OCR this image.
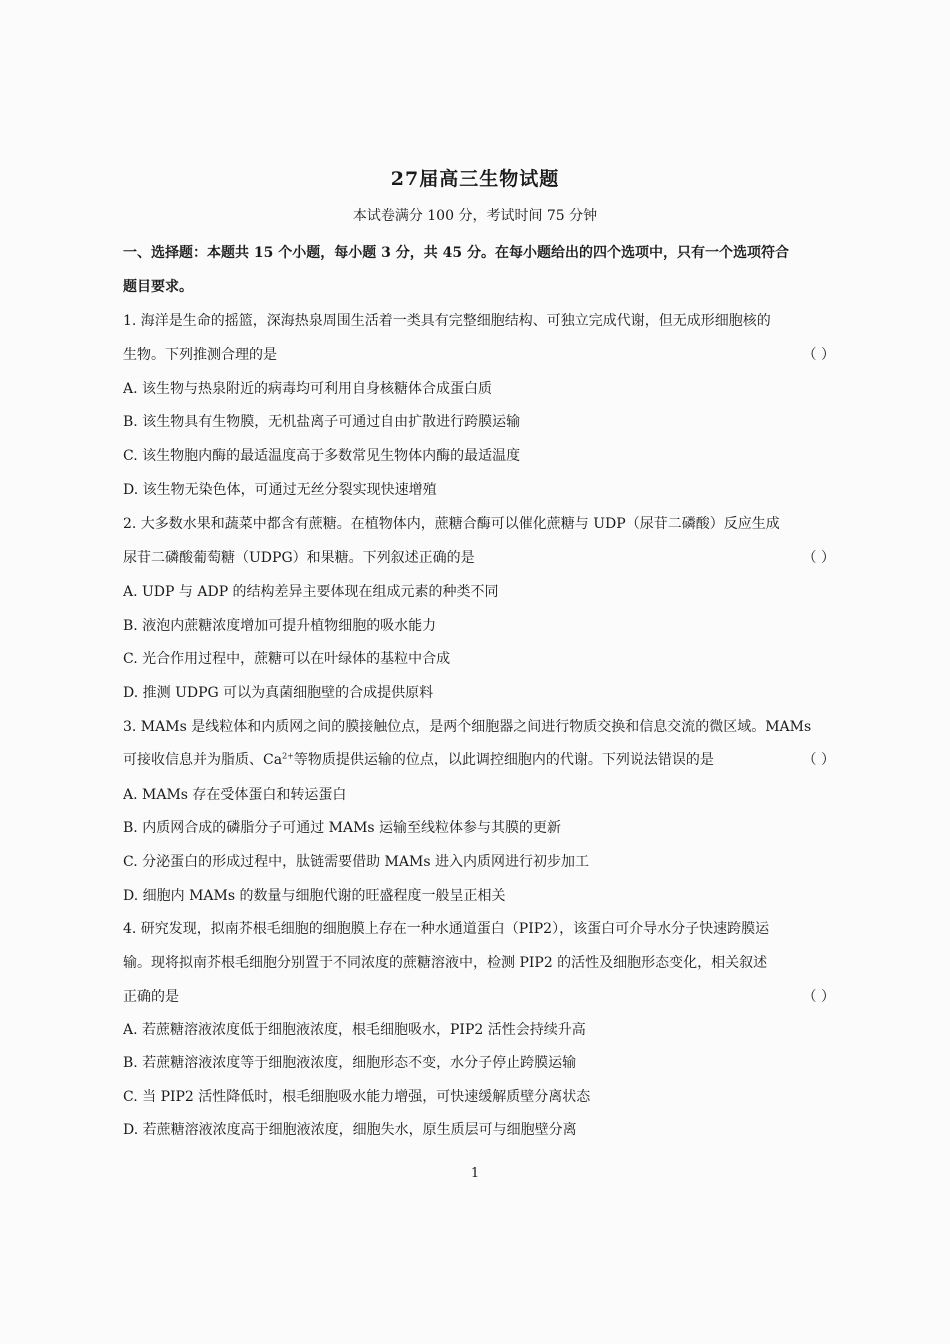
27届高三生物试题
本试卷满分 100 分，考试时间 75 分钟
一、选择题：本题共 15 个小题，每小题 3 分，共 45 分。在每小题给出的四个选项中，只有一个选项符合
题目要求。
1. 海洋是生命的摇篮，深海热泉周围生活着一类具有完整细胞结构、可独立完成代谢，但无成形细胞核的
生物。下列推测合理的是	（ ）
A. 该生物与热泉附近的病毒均可利用自身核糖体合成蛋白质
B. 该生物具有生物膜，无机盐离子可通过自由扩散进行跨膜运输
C. 该生物胞内酶的最适温度高于多数常见生物体内酶的最适温度
D. 该生物无染色体，可通过无丝分裂实现快速增殖
2. 大多数水果和蔬菜中都含有蔗糖。在植物体内，蔗糖合酶可以催化蔗糖与 UDP（尿苷二磷酸）反应生成
尿苷二磷酸葡萄糖（UDPG）和果糖。下列叙述正确的是	（ ）
A. UDP 与 ADP 的结构差异主要体现在组成元素的种类不同
B. 液泡内蔗糖浓度增加可提升植物细胞的吸水能力
C. 光合作用过程中，蔗糖可以在叶绿体的基粒中合成
D. 推测 UDPG 可以为真菌细胞壁的合成提供原料
3. MAMs 是线粒体和内质网之间的膜接触位点，是两个细胞器之间进行物质交换和信息交流的微区域。MAMs
可接收信息并为脂质、$Ca^{2+}$等物质提供运输的位点，以此调控细胞内的代谢。下列说法错误的是	（ ）
A. MAMs 存在受体蛋白和转运蛋白
B. 内质网合成的磷脂分子可通过 MAMs 运输至线粒体参与其膜的更新
C. 分泌蛋白的形成过程中，肽链需要借助 MAMs 进入内质网进行初步加工
D. 细胞内 MAMs 的数量与细胞代谢的旺盛程度一般呈正相关
4. 研究发现，拟南芥根毛细胞的细胞膜上存在一种水通道蛋白（PIP2），该蛋白可介导水分子快速跨膜运
输。现将拟南芥根毛细胞分别置于不同浓度的蔗糖溶液中，检测 PIP2 的活性及细胞形态变化，相关叙述
正确的是	（ ）
A. 若蔗糖溶液浓度低于细胞液浓度，根毛细胞吸水，PIP2 活性会持续升高
B. 若蔗糖溶液浓度等于细胞液浓度，细胞形态不变，水分子停止跨膜运输
C. 当 PIP2 活性降低时，根毛细胞吸水能力增强，可快速缓解质壁分离状态
D. 若蔗糖溶液浓度高于细胞液浓度，细胞失水，原生质层可与细胞壁分离
1
